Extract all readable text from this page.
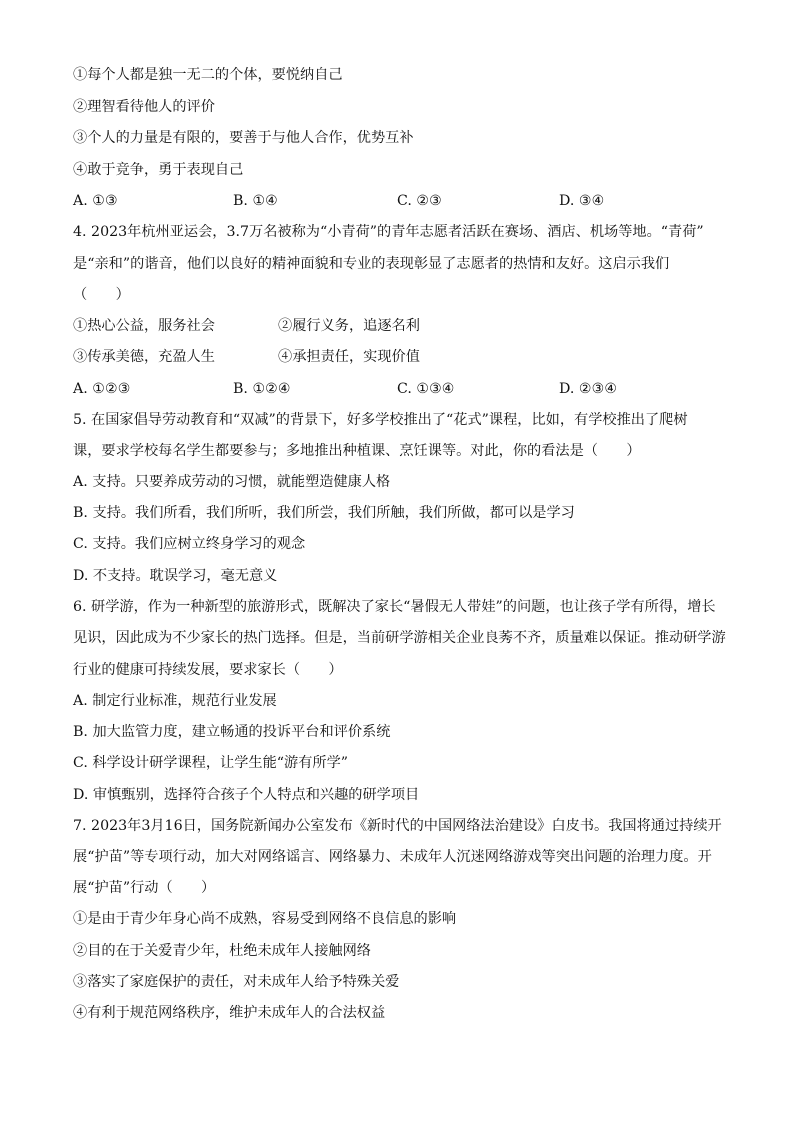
①每个人都是独一无二的个体，要悦纳自己
②理智看待他人的评价
③个人的力量是有限的，要善于与他人合作，优势互补
④敢于竞争，勇于表现自己
A. ①③	B. ①④	C. ②③	D. ③④
4. 2023年杭州亚运会，3.7万名被称为“小青荷”的青年志愿者活跃在赛场、酒店、机场等地。“青荷”
是“亲和”的谐音，他们以良好的精神面貌和专业的表现彰显了志愿者的热情和友好。这启示我们
（　　）
①热心公益，服务社会	②履行义务，追逐名利
③传承美德，充盈人生	④承担责任，实现价值
A. ①②③	B. ①②④	C. ①③④	D. ②③④
5. 在国家倡导劳动教育和“双减”的背景下，好多学校推出了“花式”课程，比如，有学校推出了爬树
课，要求学校每名学生都要参与；多地推出种植课、烹饪课等。对此，你的看法是（　　）
A. 支持。只要养成劳动的习惯，就能塑造健康人格
B. 支持。我们所看，我们所听，我们所尝，我们所触，我们所做，都可以是学习
C. 支持。我们应树立终身学习的观念
D. 不支持。耽误学习，毫无意义
6. 研学游，作为一种新型的旅游形式，既解决了家长“暑假无人带娃”的问题，也让孩子学有所得，增长
见识，因此成为不少家长的热门选择。但是，当前研学游相关企业良莠不齐，质量难以保证。推动研学游
行业的健康可持续发展，要求家长（　　）
A. 制定行业标准，规范行业发展
B. 加大监管力度，建立畅通的投诉平台和评价系统
C. 科学设计研学课程，让学生能“游有所学”
D. 审慎甄别，选择符合孩子个人特点和兴趣的研学项目
7. 2023年3月16日，国务院新闻办公室发布《新时代的中国网络法治建设》白皮书。我国将通过持续开
展“护苗”等专项行动，加大对网络谣言、网络暴力、未成年人沉迷网络游戏等突出问题的治理力度。开
展“护苗”行动（　　）
①是由于青少年身心尚不成熟，容易受到网络不良信息的影响
②目的在于关爱青少年，杜绝未成年人接触网络
③落实了家庭保护的责任，对未成年人给予特殊关爱
④有利于规范网络秩序，维护未成年人的合法权益
